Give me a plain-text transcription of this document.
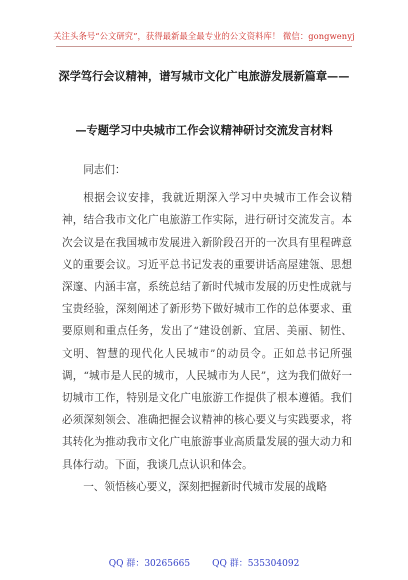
关注头条号“公文研究”，获得最新最全最专业的公文资料库！ 微信：gongwenyj
深学笃行会议精神，谱写城市文化广电旅游发展新篇章——
—专题学习中央城市工作会议精神研讨交流发言材料

同志们：

根据会议安排，我就近期深入学习中央城市工作会议精神，结合我市文化广电旅游工作实际，进行研讨交流发言。本次会议是在我国城市发展进入新阶段召开的一次具有里程碑意义的重要会议。习近平总书记发表的重要讲话高屋建瓴、思想深邃、内涵丰富，系统总结了新时代城市发展的历史性成就与宝贵经验，深刻阐述了新形势下做好城市工作的总体要求、重要原则和重点任务，发出了“建设创新、宜居、美丽、韧性、文明、智慧的现代化人民城市”的动员令。正如总书记所强调，“城市是人民的城市，人民城市为人民”，这为我们做好一切城市工作，特别是文化广电旅游工作提供了根本遵循。我们必须深刻领会、准确把握会议精神的核心要义与实践要求，将其转化为推动我市文化广电旅游事业高质量发展的强大动力和具体行动。下面，我谈几点认识和体会。

一、领悟核心要义，深刻把握新时代城市发展的战略

QQ 群：30265665 QQ 群：535304092
